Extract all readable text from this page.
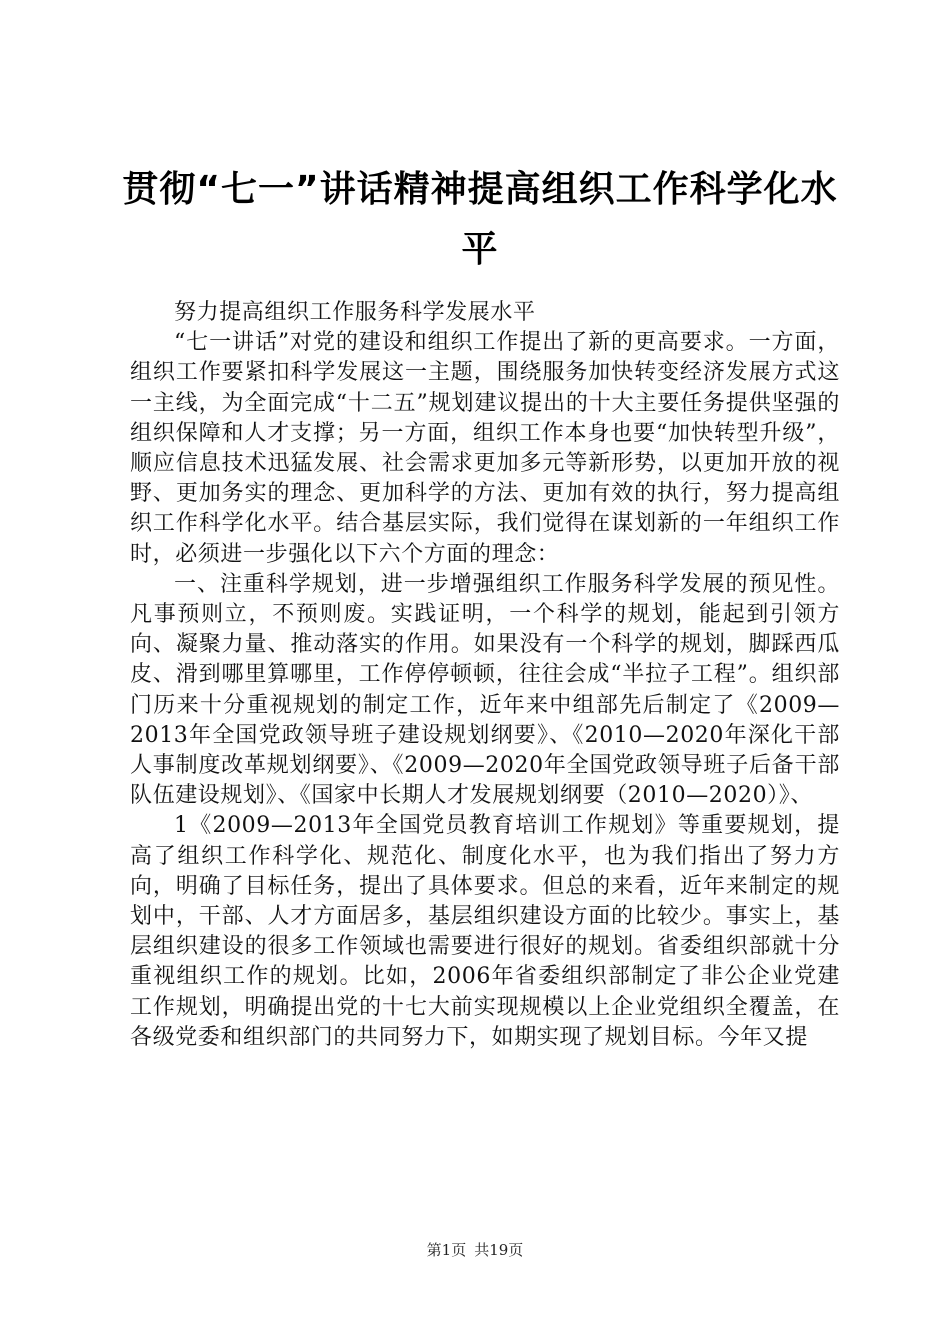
贯彻“七一”讲话精神提高组织工作科学化水平

努力提高组织工作服务科学发展水平

“七一讲话”对党的建设和组织工作提出了新的更高要求。一方面，组织工作要紧扣科学发展这一主题，围绕服务加快转变经济发展方式这一主线，为全面完成“十二五”规划建议提出的十大主要任务提供坚强的组织保障和人才支撑；另一方面，组织工作本身也要“加快转型升级”，顺应信息技术迅猛发展、社会需求更加多元等新形势，以更加开放的视野、更加务实的理念、更加科学的方法、更加有效的执行，努力提高组织工作科学化水平。结合基层实际，我们觉得在谋划新的一年组织工作时，必须进一步强化以下六个方面的理念：

一、注重科学规划，进一步增强组织工作服务科学发展的预见性。凡事预则立，不预则废。实践证明，一个科学的规划，能起到引领方向、凝聚力量、推动落实的作用。如果没有一个科学的规划，脚踩西瓜皮、滑到哪里算哪里，工作停停顿顿，往往会成“半拉子工程”。组织部门历来十分重视规划的制定工作，近年来中组部先后制定了《2009—2013年全国党政领导班子建设规划纲要》、《2010—2020年深化干部人事制度改革规划纲要》、《2009—2020年全国党政领导班子后备干部队伍建设规划》、《国家中长期人才发展规划纲要（2010—2020）》、

1《2009—2013年全国党员教育培训工作规划》等重要规划，提高了组织工作科学化、规范化、制度化水平，也为我们指出了努力方向，明确了目标任务，提出了具体要求。但总的来看，近年来制定的规划中，干部、人才方面居多，基层组织建设方面的比较少。事实上，基层组织建设的很多工作领域也需要进行很好的规划。省委组织部就十分重视组织工作的规划。比如，2006年省委组织部制定了非公企业党建工作规划，明确提出党的十七大前实现规模以上企业党组织全覆盖，在各级党委和组织部门的共同努力下，如期实现了规划目标。今年又提

第1页 共19页
